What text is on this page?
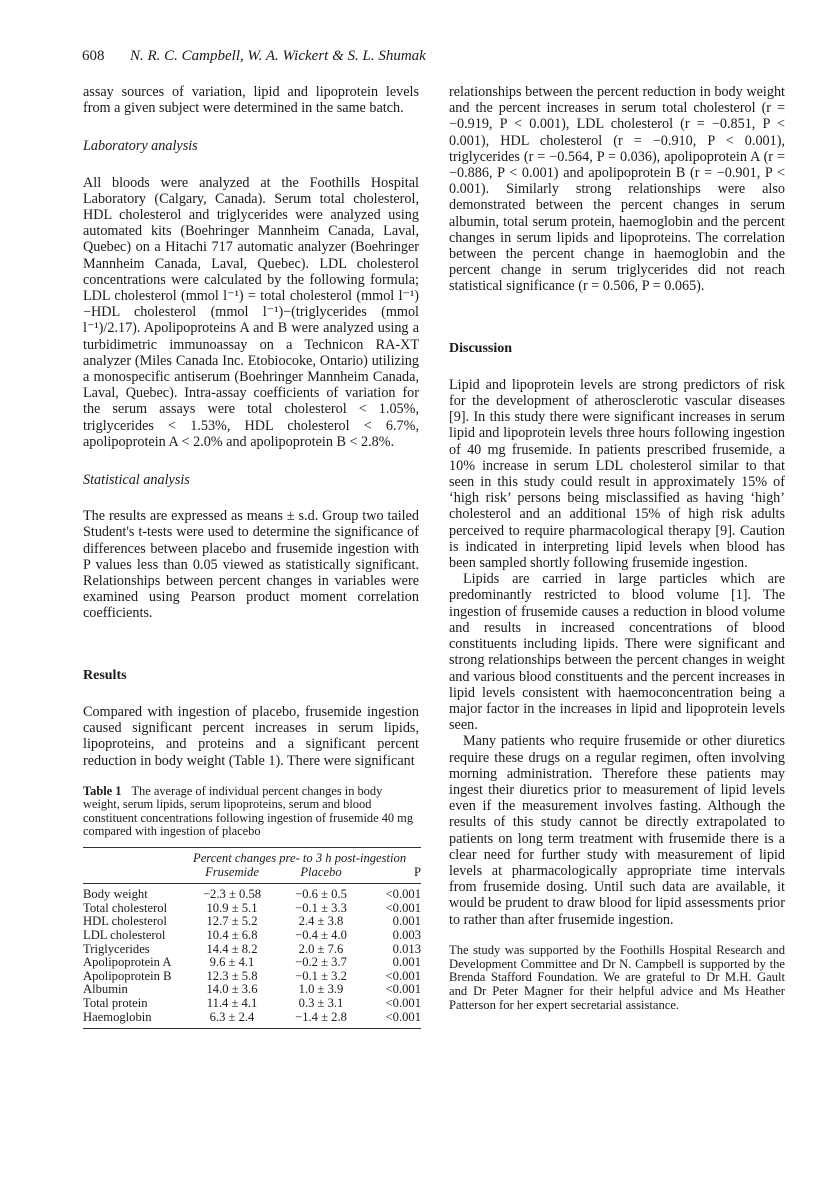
608 N. R. C. Campbell, W. A. Wickert & S. L. Shumak

assay sources of variation, lipid and lipoprotein levels from a given subject were determined in the same batch.

Laboratory analysis

All bloods were analyzed at the Foothills Hospital Laboratory (Calgary, Canada). Serum total cholesterol, HDL cholesterol and triglycerides were analyzed using automated kits (Boehringer Mannheim Canada, Laval, Quebec) on a Hitachi 717 automatic analyzer (Boehringer Mannheim Canada, Laval, Quebec). LDL cholesterol concentrations were calculated by the following formula; LDL cholesterol (mmol l⁻¹) = total cholesterol (mmol l⁻¹)−HDL cholesterol (mmol l⁻¹)−(triglycerides (mmol l⁻¹)/2.17). Apolipoproteins A and B were analyzed using a turbidimetric immunoassay on a Technicon RA-XT analyzer (Miles Canada Inc. Etobiocoke, Ontario) utilizing a monospecific antiserum (Boehringer Mannheim Canada, Laval, Quebec). Intra-assay coefficients of variation for the serum assays were total cholesterol < 1.05%, triglycerides < 1.53%, HDL cholesterol < 6.7%, apolipoprotein A < 2.0% and apolipoprotein B < 2.8%.

Statistical analysis

The results are expressed as means ± s.d. Group two tailed Student's t-tests were used to determine the significance of differences between placebo and frusemide ingestion with P values less than 0.05 viewed as statistically significant. Relationships between percent changes in variables were examined using Pearson product moment correlation coefficients.

Results

Compared with ingestion of placebo, frusemide ingestion caused significant percent increases in serum lipids, lipoproteins, and proteins and a significant percent reduction in body weight (Table 1). There were significant

Table 1 The average of individual percent changes in body weight, serum lipids, serum lipoproteins, serum and blood constituent concentrations following ingestion of frusemide 40 mg compared with ingestion of placebo

	Percent changes pre- to 3 h post-ingestion		
	Frusemide	Placebo	P
Body weight	−2.3 ± 0.58	−0.6 ± 0.5	<0.001
Total cholesterol	10.9 ± 5.1	−0.1 ± 3.3	<0.001
HDL cholesterol	12.7 ± 5.2	2.4 ± 3.8	0.001
LDL cholesterol	10.4 ± 6.8	−0.4 ± 4.0	0.003
Triglycerides	14.4 ± 8.2	2.0 ± 7.6	0.013
Apolipoprotein A	9.6 ± 4.1	−0.2 ± 3.7	0.001
Apolipoprotein B	12.3 ± 5.8	−0.1 ± 3.2	<0.001
Albumin	14.0 ± 3.6	1.0 ± 3.9	<0.001
Total protein	11.4 ± 4.1	0.3 ± 3.1	<0.001
Haemoglobin	6.3 ± 2.4	−1.4 ± 2.8	<0.001

relationships between the percent reduction in body weight and the percent increases in serum total cholesterol (r = −0.919, P < 0.001), LDL cholesterol (r = −0.851, P < 0.001), HDL cholesterol (r = −0.910, P < 0.001), triglycerides (r = −0.564, P = 0.036), apolipoprotein A (r = −0.886, P < 0.001) and apolipoprotein B (r = −0.901, P < 0.001). Similarly strong relationships were also demonstrated between the percent changes in serum albumin, total serum protein, haemoglobin and the percent changes in serum lipids and lipoproteins. The correlation between the percent change in haemoglobin and the percent change in serum triglycerides did not reach statistical significance (r = 0.506, P = 0.065).

Discussion

Lipid and lipoprotein levels are strong predictors of risk for the development of atherosclerotic vascular diseases [9]. In this study there were significant increases in serum lipid and lipoprotein levels three hours following ingestion of 40 mg frusemide. In patients prescribed frusemide, a 10% increase in serum LDL cholesterol similar to that seen in this study could result in approximately 15% of ‘high risk’ persons being misclassified as having ‘high’ cholesterol and an additional 15% of high risk adults perceived to require pharmacological therapy [9]. Caution is indicated in interpreting lipid levels when blood has been sampled shortly following frusemide ingestion.

Lipids are carried in large particles which are predominantly restricted to blood volume [1]. The ingestion of frusemide causes a reduction in blood volume and results in increased concentrations of blood constituents including lipids. There were significant and strong relationships between the percent changes in weight and various blood constituents and the percent increases in lipid levels consistent with haemoconcentration being a major factor in the increases in lipid and lipoprotein levels seen.

Many patients who require frusemide or other diuretics require these drugs on a regular regimen, often involving morning administration. Therefore these patients may ingest their diuretics prior to measurement of lipid levels even if the measurement involves fasting. Although the results of this study cannot be directly extrapolated to patients on long term treatment with frusemide there is a clear need for further study with measurement of lipid levels at pharmacologically appropriate time intervals from frusemide dosing. Until such data are available, it would be prudent to draw blood for lipid assessments prior to rather than after frusemide ingestion.

The study was supported by the Foothills Hospital Research and Development Committee and Dr N. Campbell is supported by the Brenda Stafford Foundation. We are grateful to Dr M.H. Gault and Dr Peter Magner for their helpful advice and Ms Heather Patterson for her expert secretarial assistance.
